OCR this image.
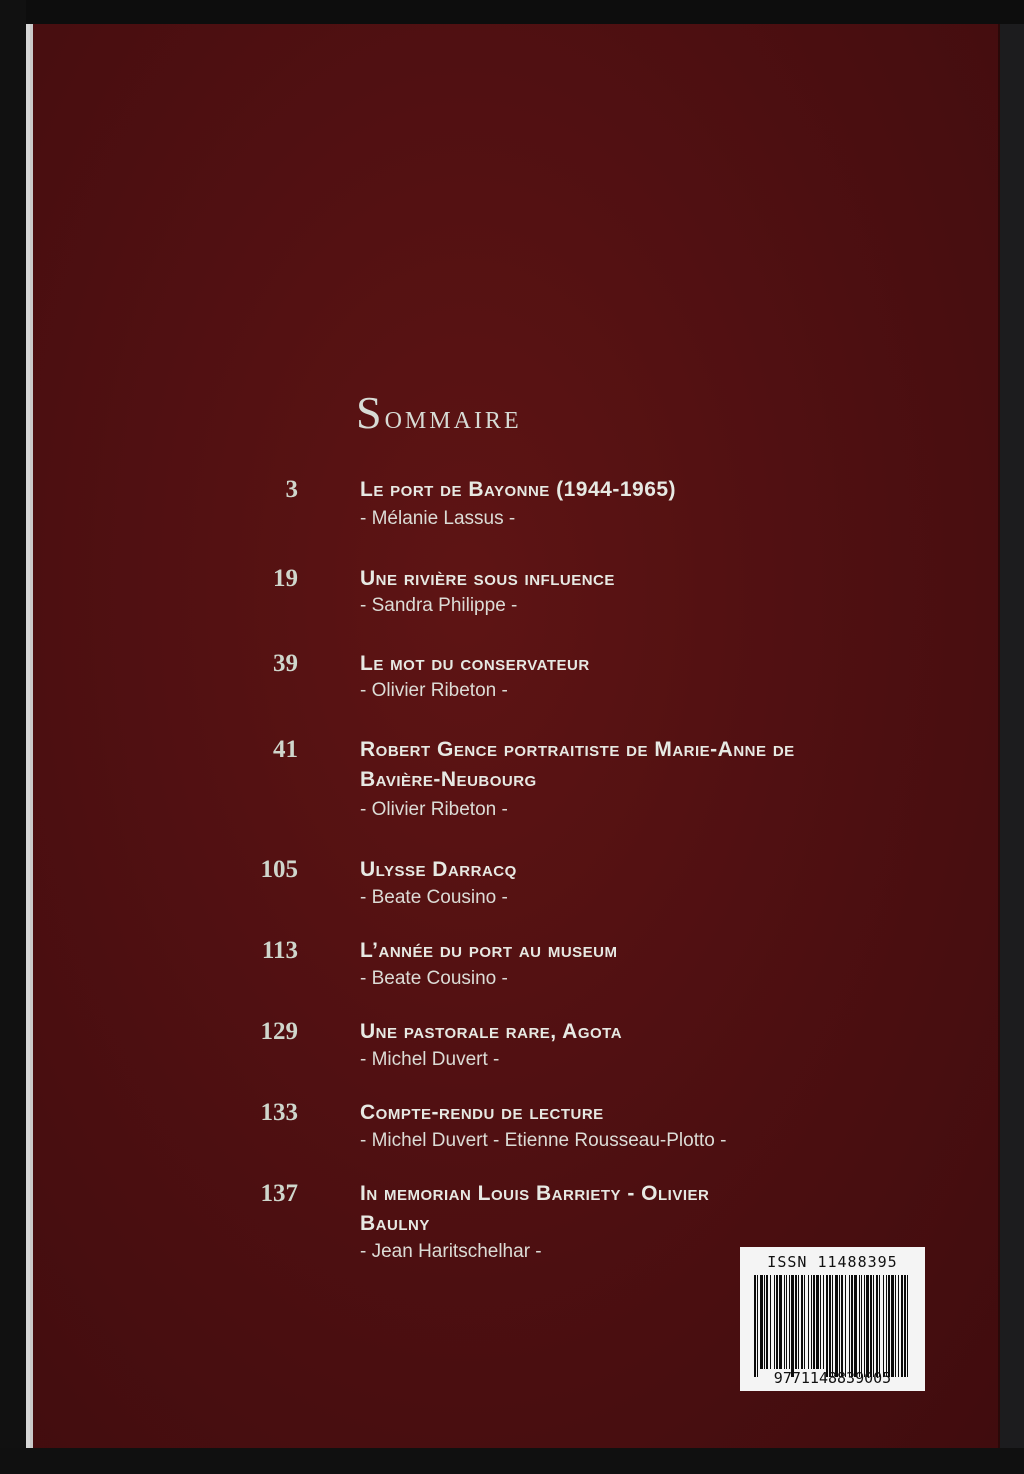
Sommaire
3	Le port de Bayonne (1944-1965)
- Mélanie Lassus -
19	Une rivière sous influence
- Sandra Philippe -
39	Le mot du conservateur
- Olivier Ribeton -
41	Robert Gence portraitiste de Marie-Anne de Bavière-Neubourg
- Olivier Ribeton -
105	Ulysse Darracq
- Beate Cousino -
113	L’année du port au museum
- Beate Cousino -
129	Une pastorale rare, Agota
- Michel Duvert -
133	Compte-rendu de lecture
- Michel Duvert - Etienne Rousseau-Plotto -
137	In memorian Louis Barriety - Olivier Baulny
- Jean Haritschelhar -	ISSN 11488395
9771148839005
